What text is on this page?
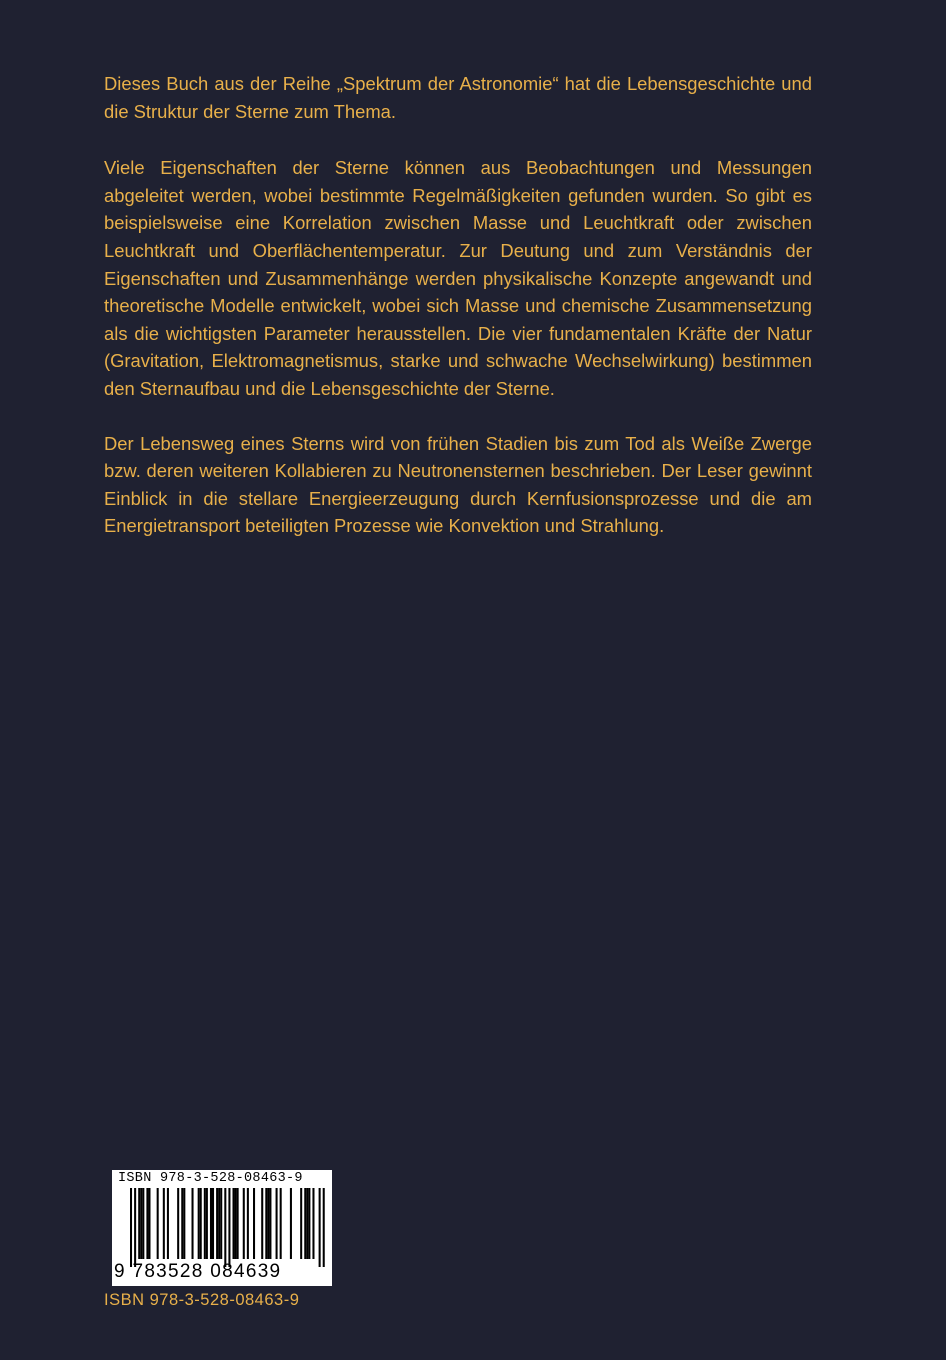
Dieses Buch aus der Reihe „Spektrum der Astronomie“ hat die Lebensgeschichte und die Struktur der Sterne zum Thema.

Viele Eigenschaften der Sterne können aus Beobachtungen und Messungen abgeleitet werden, wobei bestimmte Regelmäßigkeiten gefunden wurden. So gibt es beispielsweise eine Korrelation zwischen Masse und Leuchtkraft oder zwischen Leuchtkraft und Oberflächentemperatur. Zur Deutung und zum Verständnis der Eigenschaften und Zusammenhänge werden physikalische Konzepte angewandt und theoretische Modelle entwickelt, wobei sich Masse und chemische Zusammensetzung als die wichtigsten Parameter herausstellen. Die vier fundamentalen Kräfte der Natur (Gravitation, Elektromagnetismus, starke und schwache Wechselwirkung) bestimmen den Sternaufbau und die Lebensgeschichte der Sterne.

Der Lebensweg eines Sterns wird von frühen Stadien bis zum Tod als Weiße Zwerge bzw. deren weiteren Kollabieren zu Neutronensternen beschrieben. Der Leser gewinnt Einblick in die stellare Energieerzeugung durch Kernfusionsprozesse und die am Energietransport beteiligten Prozesse wie Konvektion und Strahlung.

ISBN 978-3-528-08463-9
9 783528 084639
ISBN 978-3-528-08463-9
